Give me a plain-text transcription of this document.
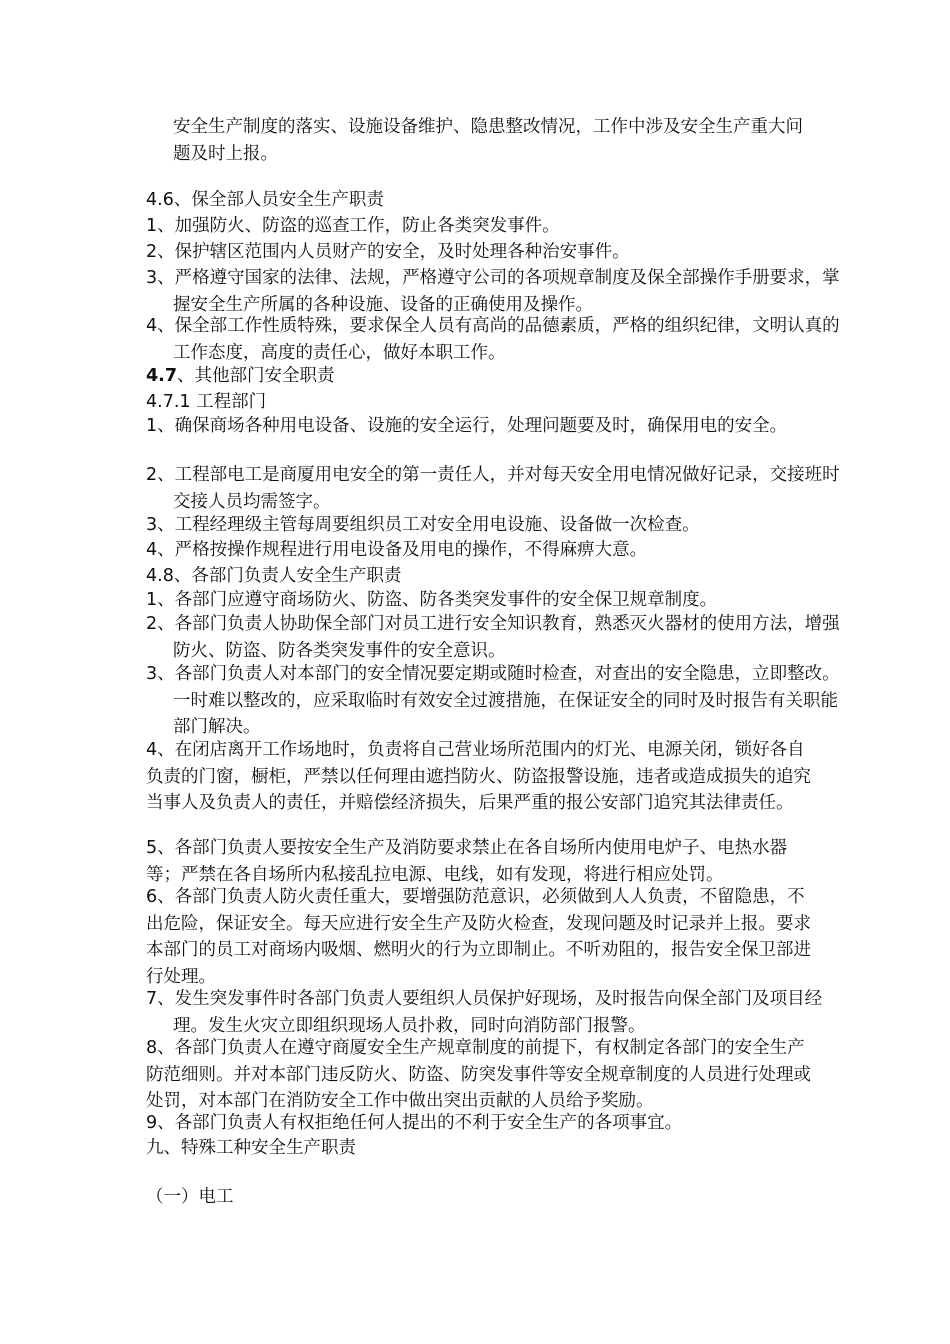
安全生产制度的落实、设施设备维护、隐患整改情况，工作中涉及安全生产重大问题及时上报。

4.6、保全部人员安全生产职责

1、加强防火、防盗的巡查工作，防止各类突发事件。

2、保护辖区范围内人员财产的安全，及时处理各种治安事件。

3、严格遵守国家的法律、法规，严格遵守公司的各项规章制度及保全部操作手册要求，掌握安全生产所属的各种设施、设备的正确使用及操作。

4、保全部工作性质特殊，要求保全人员有高尚的品德素质，严格的组织纪律，文明认真的工作态度，高度的责任心，做好本职工作。

4.7、其他部门安全职责

4.7.1 工程部门

1、确保商场各种用电设备、设施的安全运行，处理问题要及时，确保用电的安全。

2、工程部电工是商厦用电安全的第一责任人，并对每天安全用电情况做好记录，交接班时交接人员均需签字。

3、工程经理级主管每周要组织员工对安全用电设施、设备做一次检查。

4、严格按操作规程进行用电设备及用电的操作，不得麻痹大意。

4.8、各部门负责人安全生产职责

1、各部门应遵守商场防火、防盗、防各类突发事件的安全保卫规章制度。

2、各部门负责人协助保全部门对员工进行安全知识教育，熟悉灭火器材的使用方法，增强防火、防盗、防各类突发事件的安全意识。

3、各部门负责人对本部门的安全情况要定期或随时检查，对查出的安全隐患，立即整改。一时难以整改的，应采取临时有效安全过渡措施，在保证安全的同时及时报告有关职能部门解决。

4、在闭店离开工作场地时，负责将自己营业场所范围内的灯光、电源关闭，锁好各自负责的门窗，橱柜，严禁以任何理由遮挡防火、防盗报警设施，违者或造成损失的追究当事人及负责人的责任，并赔偿经济损失，后果严重的报公安部门追究其法律责任。

5、各部门负责人要按安全生产及消防要求禁止在各自场所内使用电炉子、电热水器等；严禁在各自场所内私接乱拉电源、电线，如有发现，将进行相应处罚。

6、各部门负责人防火责任重大，要增强防范意识，必须做到人人负责，不留隐患，不出危险，保证安全。每天应进行安全生产及防火检查，发现问题及时记录并上报。要求本部门的员工对商场内吸烟、燃明火的行为立即制止。不听劝阻的，报告安全保卫部进行处理。

7、发生突发事件时各部门负责人要组织人员保护好现场，及时报告向保全部门及项目经理。发生火灾立即组织现场人员扑救，同时向消防部门报警。

8、各部门负责人在遵守商厦安全生产规章制度的前提下，有权制定各部门的安全生产防范细则。并对本部门违反防火、防盗、防突发事件等安全规章制度的人员进行处理或处罚，对本部门在消防安全工作中做出突出贡献的人员给予奖励。

9、各部门负责人有权拒绝任何人提出的不利于安全生产的各项事宜。

九、特殊工种安全生产职责

（一）电工
